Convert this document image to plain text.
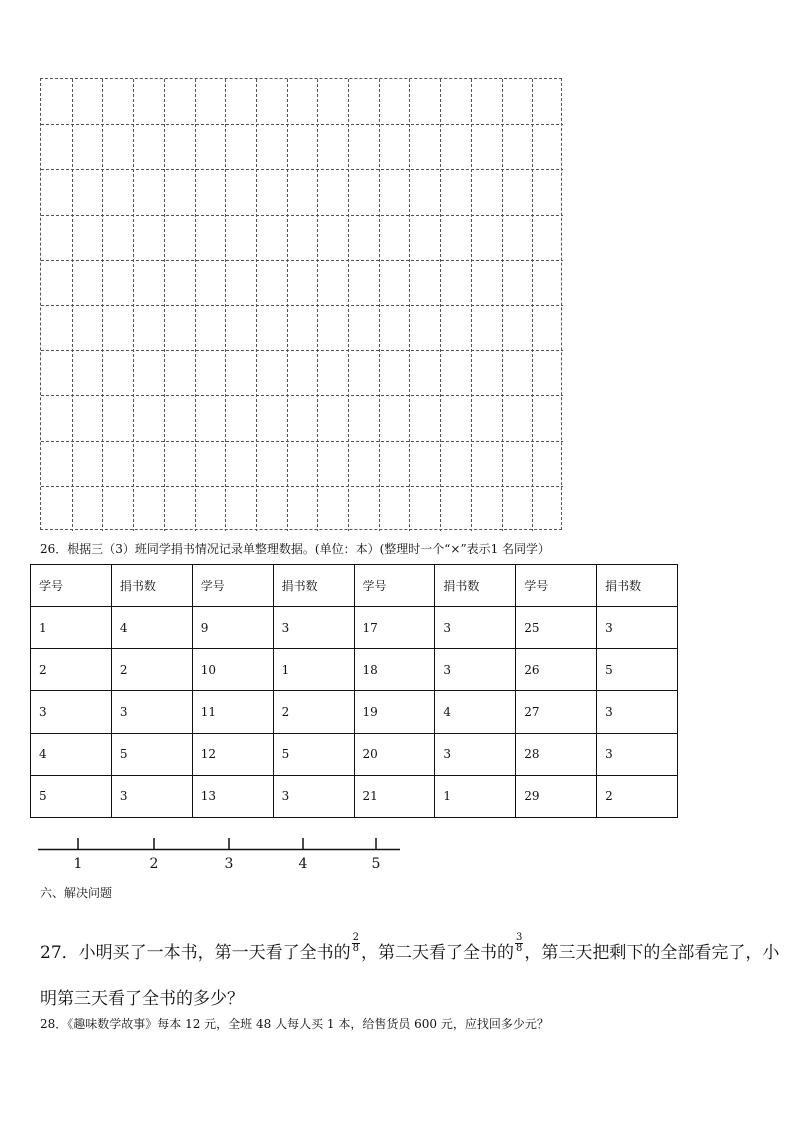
26．根据三（3）班同学捐书情况记录单整理数据。(单位：本）(整理时一个“×”表示1 名同学）
学号	捐书数	学号	捐书数	学号	捐书数	学号	捐书数
1	4	9	3	17	3	25	3
2	2	10	1	18	3	26	5
3	3	11	2	19	4	27	3
4	5	12	5	20	3	28	3
5	3	13	3	21	1	29	2
1	2	3	4	5
六、解决问题
27．小明买了一本书，第一天看了全书的 $\frac{2}{8}$ ，第二天看了全书的 $\frac{3}{8}$ ，第三天把剩下的全部看完了，小明第三天看了全书的多少？
28．《趣味数学故事》每本 12 元，全班 48 人每人买 1 本，给售货员 600 元，应找回多少元？
